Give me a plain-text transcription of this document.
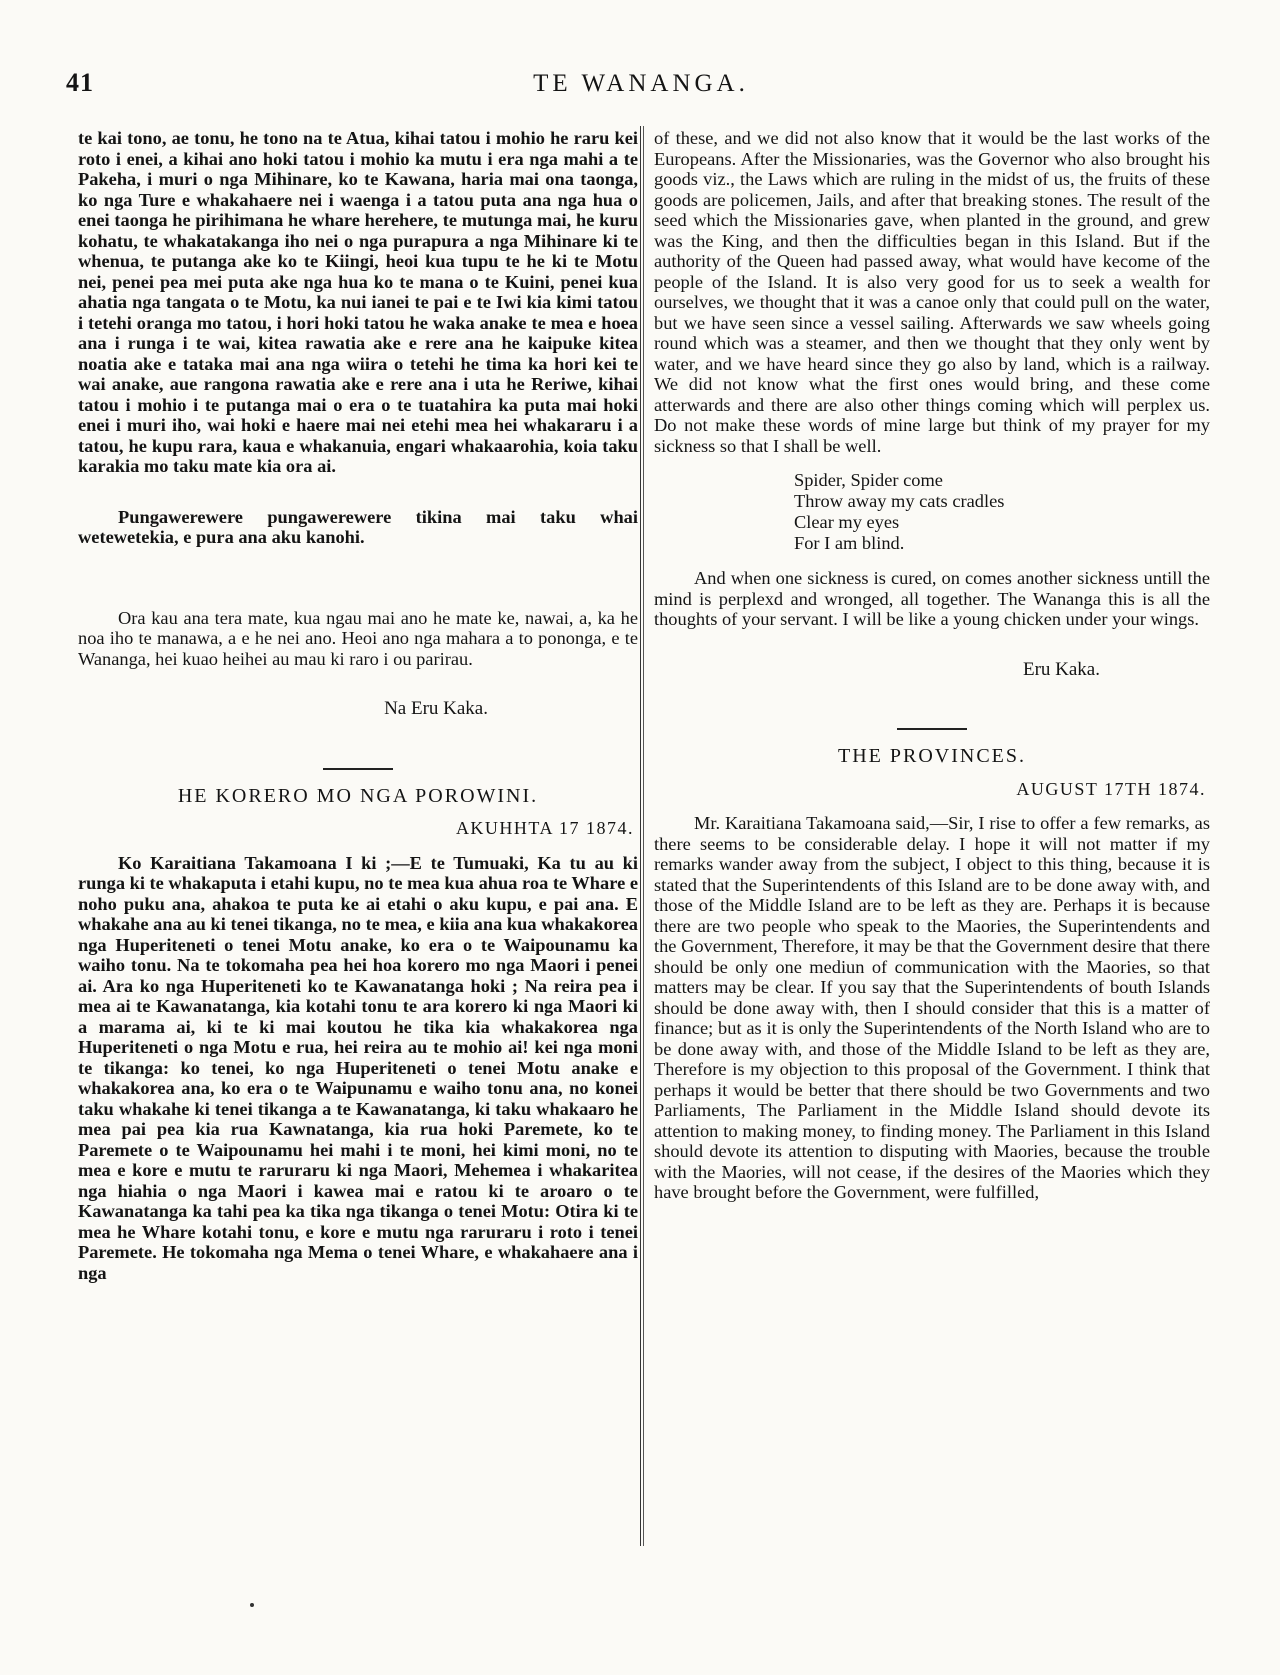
41	TE WANANGA.

te kai tono, ae tonu, he tono na te Atua, kihai tatou i mohio he raru kei roto i enei, a kihai ano hoki tatou i mohio ka mutu i era nga mahi a te Pakeha, i muri o nga Mihinare, ko te Kawana, haria mai ona taonga, ko nga Ture e whakahaere nei i waenga i a tatou puta ana nga hua o enei taonga he pirihimana he whare herehere, te mutunga mai, he kuru kohatu, te whakatakanga iho nei o nga purapura a nga Mihinare ki te whenua, te putanga ake ko te Kiingi, heoi kua tupu te he ki te Motu nei, penei pea mei puta ake nga hua ko te mana o te Kuini, penei kua ahatia nga tangata o te Motu, ka nui ianei te pai e te Iwi kia kimi tatou i tetehi oranga mo tatou, i hori hoki tatou he waka anake te mea e hoea ana i runga i te wai, kitea rawatia ake e rere ana he kaipuke kitea noatia ake e tataka mai ana nga wiira o tetehi he tima ka hori kei te wai anake, aue rangona rawatia ake e rere ana i uta he Reriwe, kihai tatou i mohio i te putanga mai o era o te tuatahira ka puta mai hoki enei i muri iho, wai hoki e haere mai nei etehi mea hei whakararu i a tatou, he kupu rara, kaua e whakanuia, engari whakaarohia, koia taku karakia mo taku mate kia ora ai.

Pungawerewere pungawerewere tikina mai taku whai wetewetekia, e pura ana aku kanohi.

Ora kau ana tera mate, kua ngau mai ano he mate ke, nawai, a, ka he noa iho te manawa, a e he nei ano. Heoi ano nga mahara a to pononga, e te Wananga, hei kuao heihei au mau ki raro i ou parirau.

Na Eru Kaka.
HE KORERO MO NGA POROWINI.
AKUHHTA 17 1874.

Ko Karaitiana Takamoana I ki ;—E te Tumuaki, Ka tu au ki runga ki te whakaputa i etahi kupu, no te mea kua ahua roa te Whare e noho puku ana, ahakoa te puta ke ai etahi o aku kupu, e pai ana. E whakahe ana au ki tenei tikanga, no te mea, e kiia ana kua whakakorea nga Huperiteneti o tenei Motu anake, ko era o te Waipounamu ka waiho tonu. Na te tokomaha pea hei hoa korero mo nga Maori i penei ai. Ara ko nga Huperiteneti ko te Kawanatanga hoki ; Na reira pea i mea ai te Kawanatanga, kia kotahi tonu te ara korero ki nga Maori ki a marama ai, ki te ki mai koutou he tika kia whakakorea nga Huperiteneti o nga Motu e rua, hei reira au te mohio ai! kei nga moni te tikanga: ko tenei, ko nga Huperiteneti o tenei Motu anake e whakakorea ana, ko era o te Waipunamu e waiho tonu ana, no konei taku whakahe ki tenei tikanga a te Kawanatanga, ki taku whakaaro he mea pai pea kia rua Kawnatanga, kia rua hoki Paremete, ko te Paremete o te Waipounamu hei mahi i te moni, hei kimi moni, no te mea e kore e mutu te raruraru ki nga Maori, Mehemea i whakaritea nga hiahia o nga Maori i kawea mai e ratou ki te aroaro o te Kawanatanga ka tahi pea ka tika nga tikanga o tenei Motu: Otira ki te mea he Whare kotahi tonu, e kore e mutu nga raruraru i roto i tenei Paremete. He tokomaha nga Mema o tenei Whare, e whakahaere ana i nga

of these, and we did not also know that it would be the last works of the Europeans. After the Missionaries, was the Governor who also brought his goods viz., the Laws which are ruling in the midst of us, the fruits of these goods are policemen, Jails, and after that breaking stones. The result of the seed which the Missionaries gave, when planted in the ground, and grew was the King, and then the difficulties began in this Island. But if the authority of the Queen had passed away, what would have kecome of the people of the Island. It is also very good for us to seek a wealth for ourselves, we thought that it was a canoe only that could pull on the water, but we have seen since a vessel sailing. Afterwards we saw wheels going round which was a steamer, and then we thought that they only went by water, and we have heard since they go also by land, which is a railway. We did not know what the first ones would bring, and these come atterwards and there are also other things coming which will perplex us. Do not make these words of mine large but think of my prayer for my sickness so that I shall be well.

Spider, Spider come
Throw away my cats cradles
Clear my eyes
For I am blind.

And when one sickness is cured, on comes another sickness untill the mind is perplexd and wronged, all together. The Wananga this is all the thoughts of your servant. I will be like a young chicken under your wings.

Eru Kaka.
THE PROVINCES.
AUGUST 17TH 1874.

Mr. Karaitiana Takamoana said,—Sir, I rise to offer a few remarks, as there seems to be considerable delay. I hope it will not matter if my remarks wander away from the subject, I object to this thing, because it is stated that the Superintendents of this Island are to be done away with, and those of the Middle Island are to be left as they are. Perhaps it is because there are two people who speak to the Maories, the Superintendents and the Government, Therefore, it may be that the Government desire that there should be only one mediun of communication with the Maories, so that matters may be clear. If you say that the Superintendents of bouth Islands should be done away with, then I should consider that this is a matter of finance; but as it is only the Superintendents of the North Island who are to be done away with, and those of the Middle Island to be left as they are, Therefore is my objection to this proposal of the Government. I think that perhaps it would be better that there should be two Governments and two Parliaments, The Parliament in the Middle Island should devote its attention to making money, to finding money. The Parliament in this Island should devote its attention to disputing with Maories, because the trouble with the Maories, will not cease, if the desires of the Maories which they have brought before the Government, were fulfilled,
